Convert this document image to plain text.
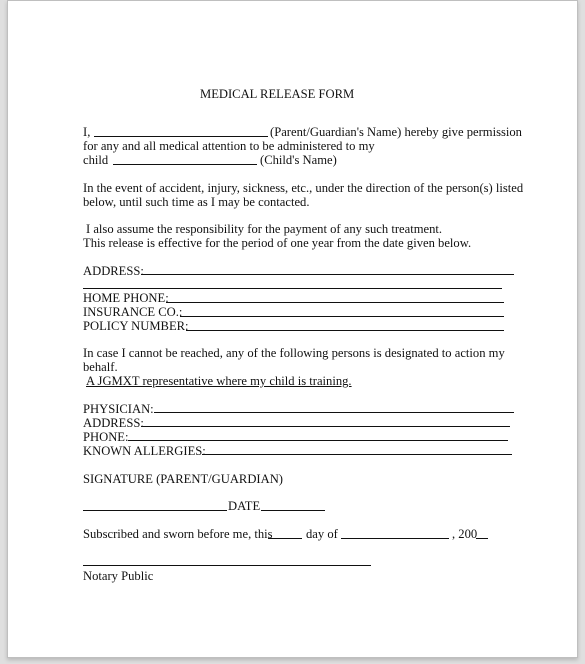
MEDICAL RELEASE FORM
I,	(Parent/Guardian's Name) hereby give permission
for any and all medical attention to be administered to my
child	(Child's Name)
In the event of accident, injury, sickness, etc., under the direction of the person(s) listed
below, until such time as I may be contacted.
I also assume the responsibility for the payment of any such treatment.
This release is effective for the period of one year from the date given below.
ADDRESS:
HOME PHONE:
INSURANCE CO.:
POLICY NUMBER:
In case I cannot be reached, any of the following persons is designated to action my
behalf.
A JGMXT representative where my child is training.
PHYSICIAN:
ADDRESS:
PHONE:
KNOWN ALLERGIES:
SIGNATURE (PARENT/GUARDIAN)
DATE
Subscribed and sworn before me, this	day of	, 200
Notary Public
